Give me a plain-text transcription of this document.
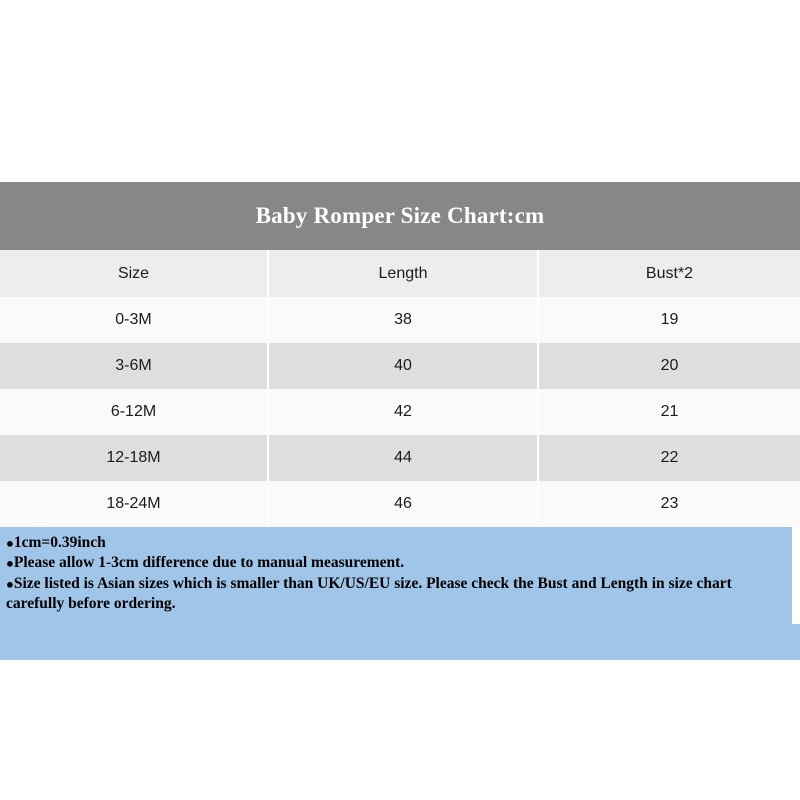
Baby Romper Size Chart:cm
Size	Length	Bust*2
0-3M	38	19
3-6M	40	20
6-12M	42	21
12-18M	44	22
18-24M	46	23
●1cm=0.39inch
●Please allow 1-3cm difference due to manual measurement.
●Size listed is Asian sizes which is smaller than UK/US/EU size. Please check the Bust and Length in size chart carefully before ordering.
